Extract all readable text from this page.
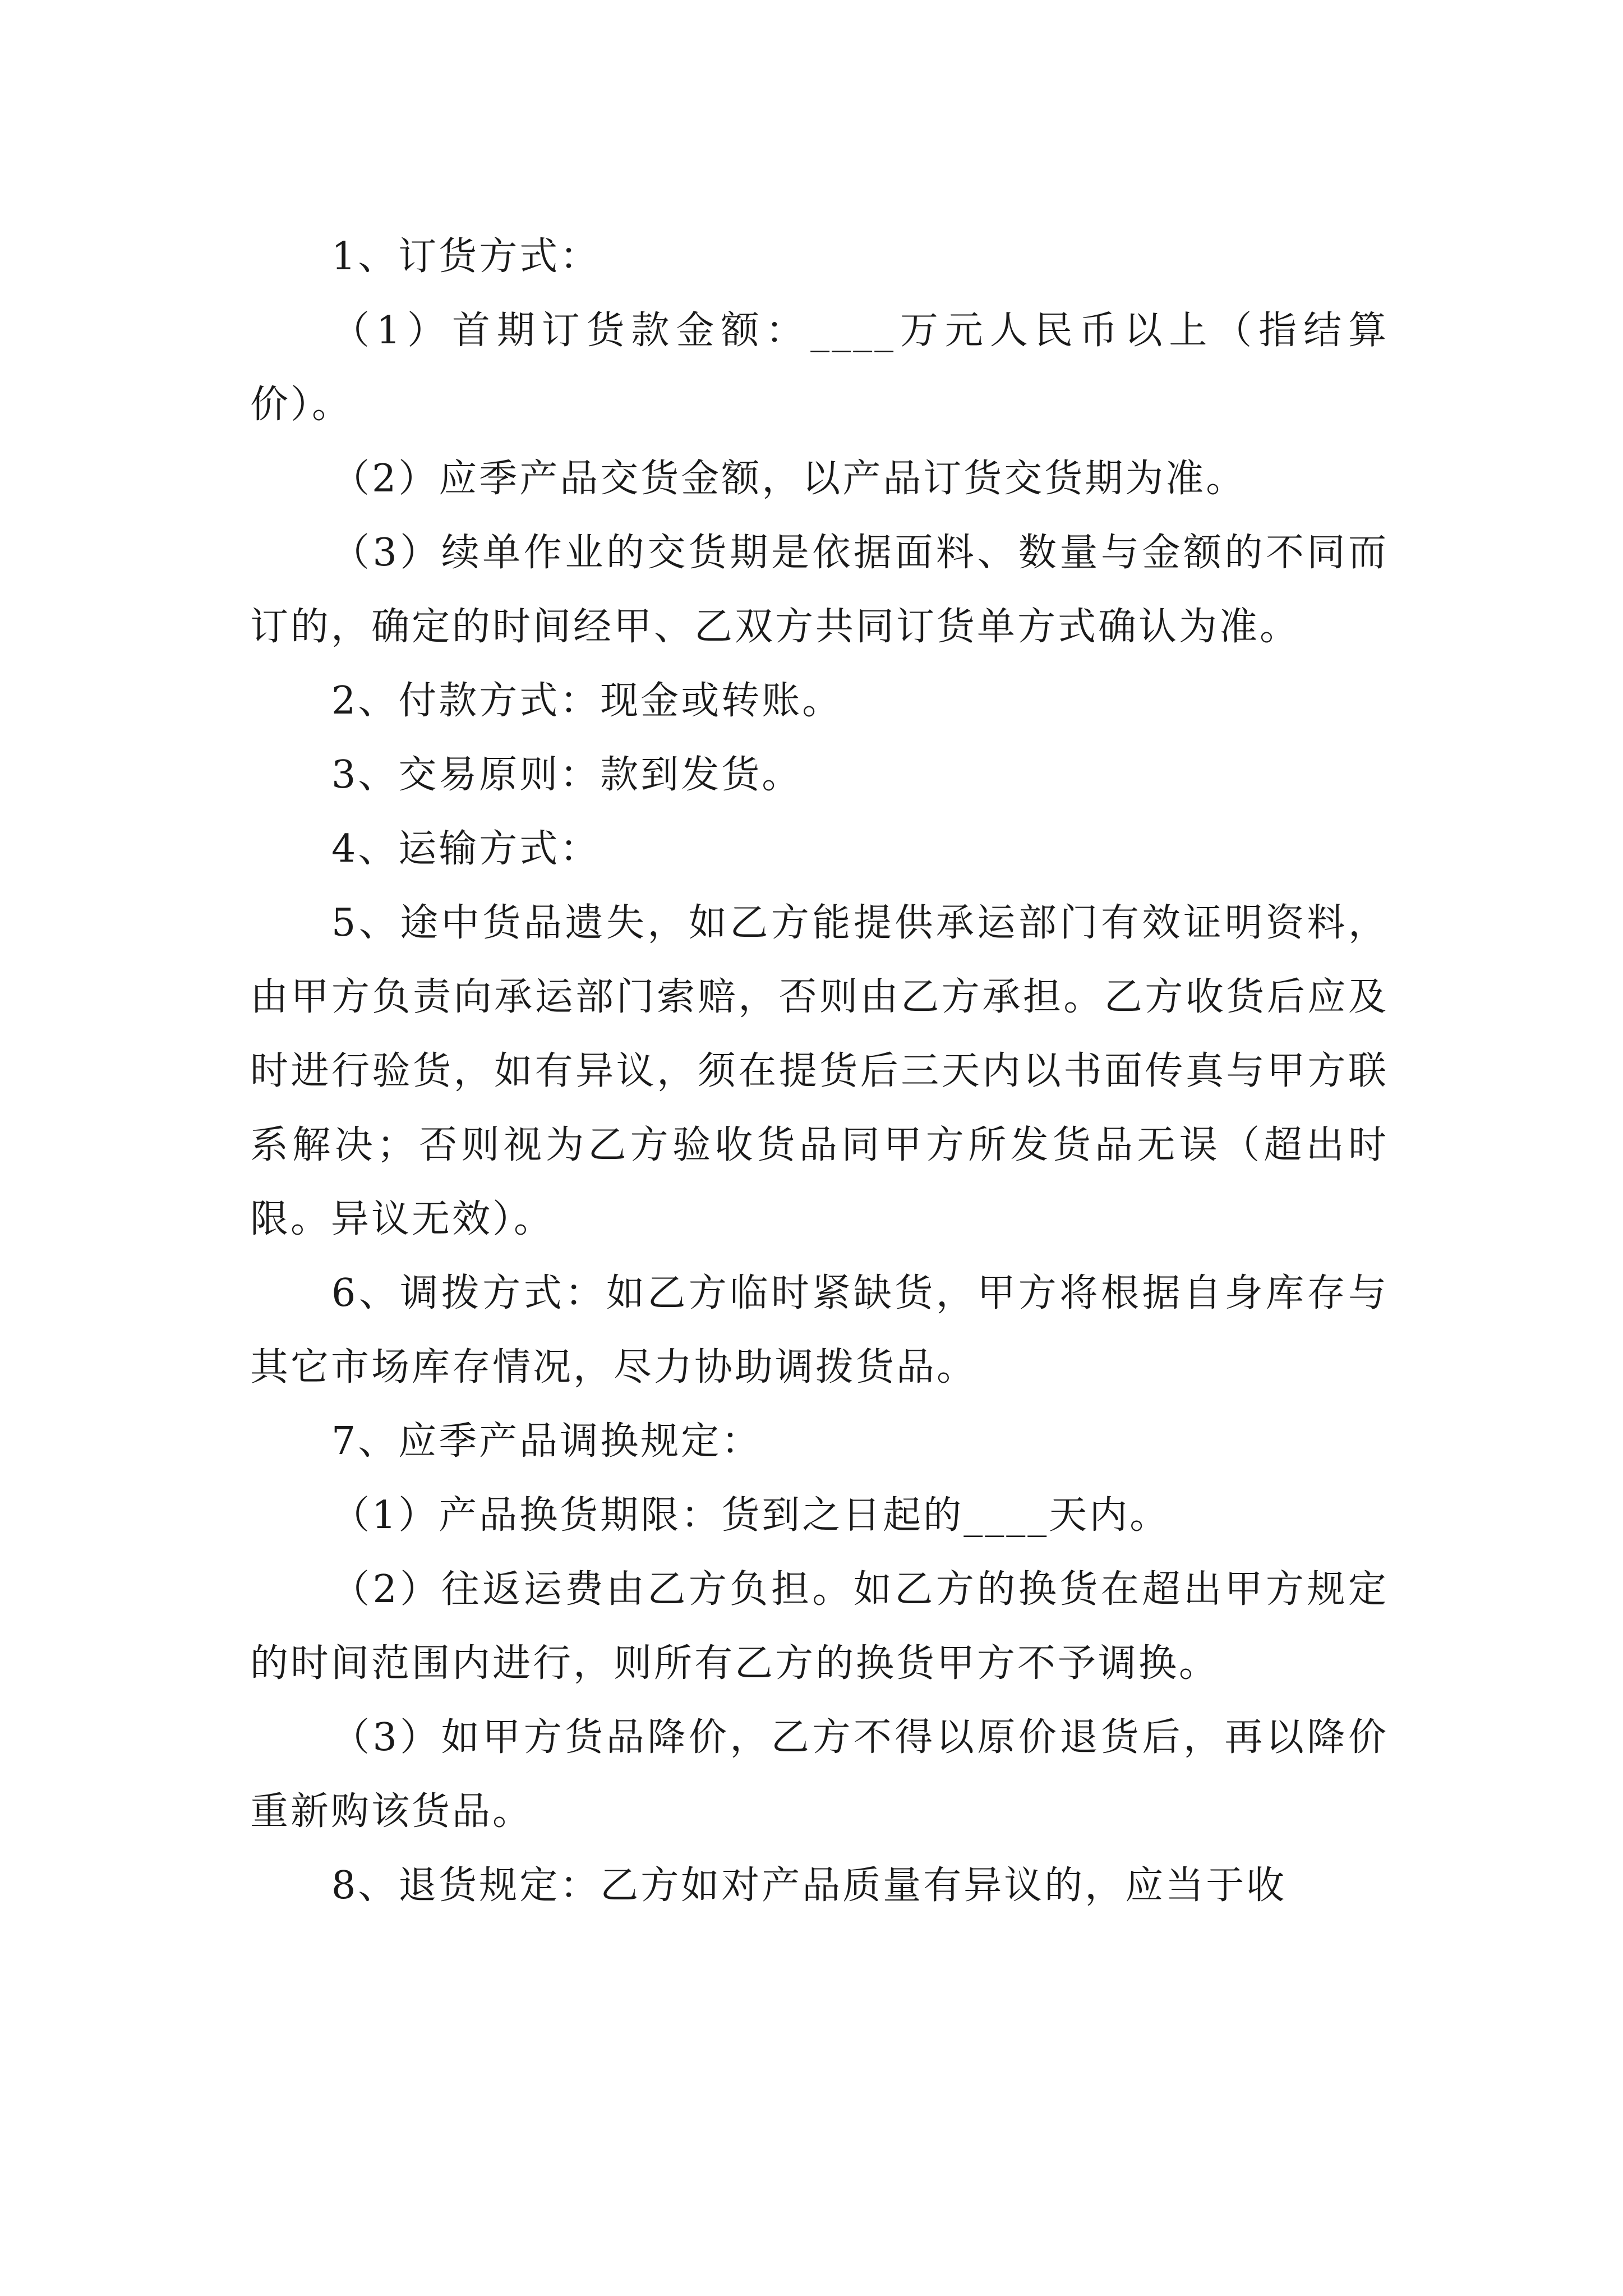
1、订货方式：

（1）首期订货款金额：____万元人民币以上（指结算价）。

（2）应季产品交货金额，以产品订货交货期为准。

（3）续单作业的交货期是依据面料、数量与金额的不同而订的，确定的时间经甲、乙双方共同订货单方式确认为准。

2、付款方式：现金或转账。

3、交易原则：款到发货。

4、运输方式：

5、途中货品遗失，如乙方能提供承运部门有效证明资料，由甲方负责向承运部门索赔，否则由乙方承担。乙方收货后应及时进行验货，如有异议，须在提货后三天内以书面传真与甲方联系解决；否则视为乙方验收货品同甲方所发货品无误（超出时限。异议无效）。

6、调拨方式：如乙方临时紧缺货，甲方将根据自身库存与其它市场库存情况，尽力协助调拨货品。

7、应季产品调换规定：

（1）产品换货期限：货到之日起的____天内。

（2）往返运费由乙方负担。如乙方的换货在超出甲方规定的时间范围内进行，则所有乙方的换货甲方不予调换。

（3）如甲方货品降价，乙方不得以原价退货后，再以降价重新购该货品。

8、退货规定：乙方如对产品质量有异议的，应当于收
